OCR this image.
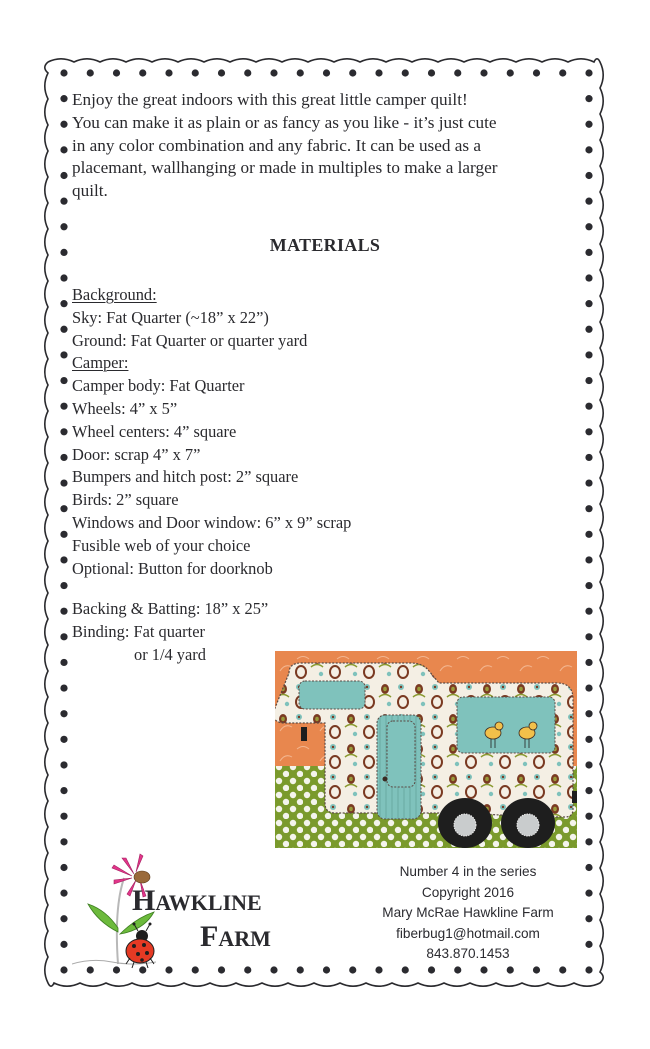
Enjoy the great indoors with this great little camper quilt!
You can make it as plain or as fancy as you like - it’s just cute
in any color combination and any fabric. It can be used as a
placemant, wallhanging or made in multiples to make a larger
quilt.
MATERIALS
Background:
Sky: Fat Quarter (~18” x 22”)
Ground: Fat Quarter or quarter yard
Camper:
Camper body: Fat Quarter
Wheels: 4” x 5”
Wheel centers: 4” square
Door: scrap 4” x 7”
Bumpers and hitch post: 2” square
Birds: 2” square
Windows and Door window: 6” x 9” scrap
Fusible web of your choice
Optional: Button for doorknob
Backing & Batting: 18” x 25”
Binding: Fat quarter
or 1/4 yard
HAWKLINE
FARM
Number 4 in the series
Copyright 2016
Mary McRae Hawkline Farm
fiberbug1@hotmail.com
843.870.1453
